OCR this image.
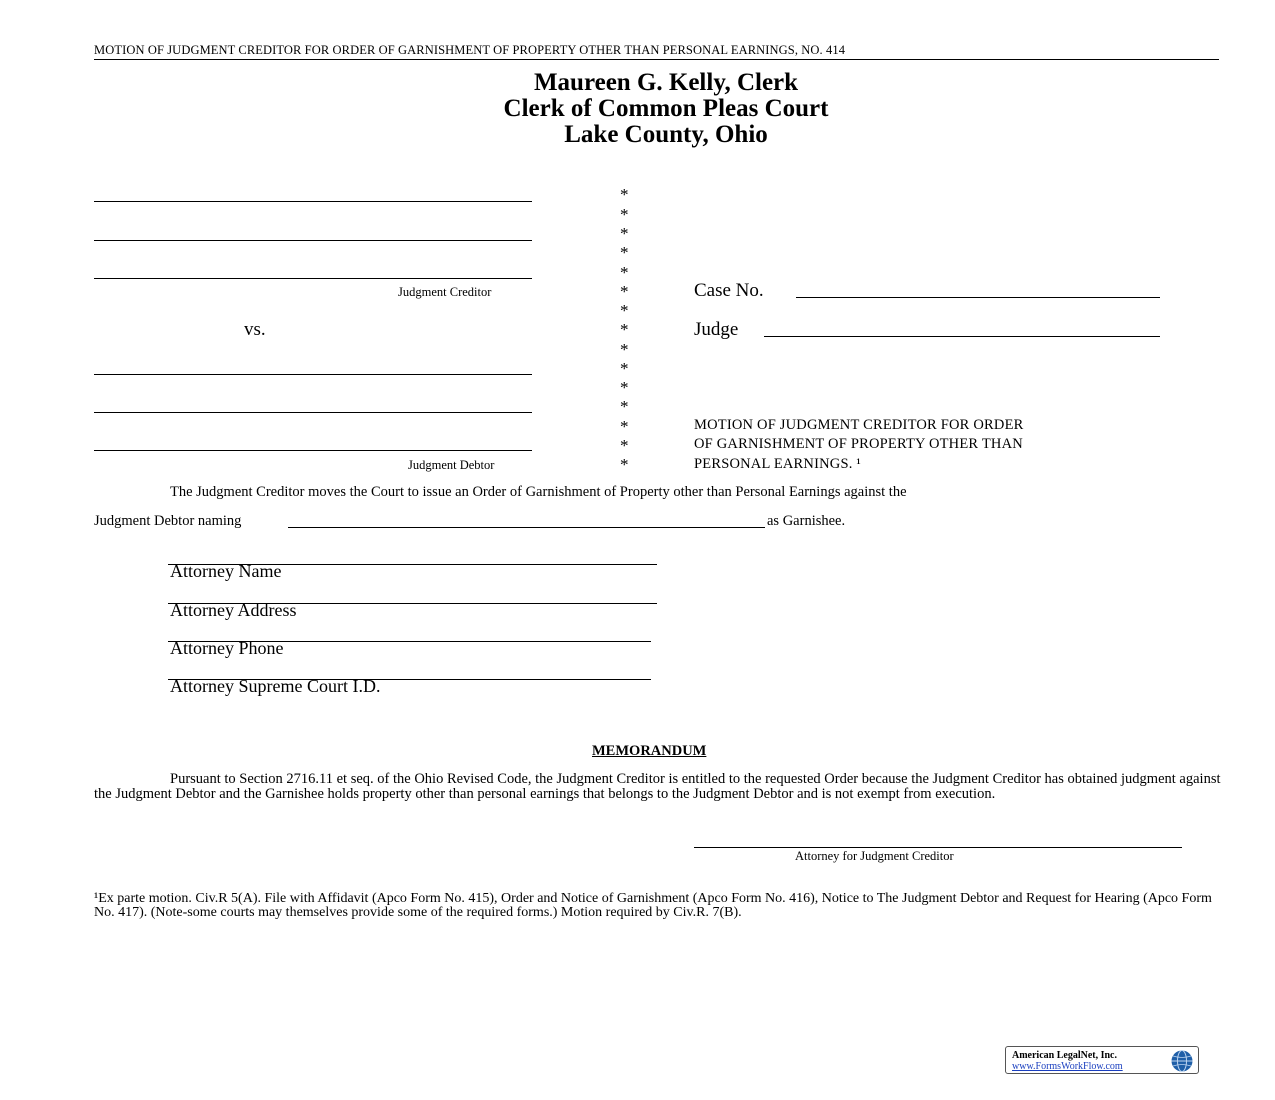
MOTION OF JUDGMENT CREDITOR FOR ORDER OF GARNISHMENT OF PROPERTY OTHER THAN PERSONAL EARNINGS, NO. 414
Maureen G. Kelly, Clerk
Clerk of Common Pleas Court
Lake County, Ohio
Judgment Creditor
vs.
Judgment Debtor
*
*
*
*
*
*
*
*
*
*
*
*
*
*
*
Case No.
Judge
MOTION OF JUDGMENT CREDITOR FOR ORDER
OF GARNISHMENT OF PROPERTY OTHER THAN
PERSONAL EARNINGS. ¹
The Judgment Creditor moves the Court to issue an Order of Garnishment of Property other than Personal Earnings against the
Judgment Debtor naming	as Garnishee.
Attorney Name
Attorney Address
Attorney Phone
Attorney Supreme Court I.D.
MEMORANDUM
Pursuant to Section 2716.11 et seq. of the Ohio Revised Code, the Judgment Creditor is entitled to the requested Order because the Judgment Creditor has obtained judgment against the Judgment Debtor and the Garnishee holds property other than personal earnings that belongs to the Judgment Debtor and is not exempt from execution.
Attorney for Judgment Creditor
¹Ex parte motion. Civ.R 5(A). File with Affidavit (Apco Form No. 415), Order and Notice of Garnishment (Apco Form No. 416), Notice to The Judgment Debtor and Request for Hearing (Apco Form No. 417). (Note-some courts may themselves provide some of the required forms.) Motion required by Civ.R. 7(B).
American LegalNet, Inc.
www.FormsWorkFlow.com
